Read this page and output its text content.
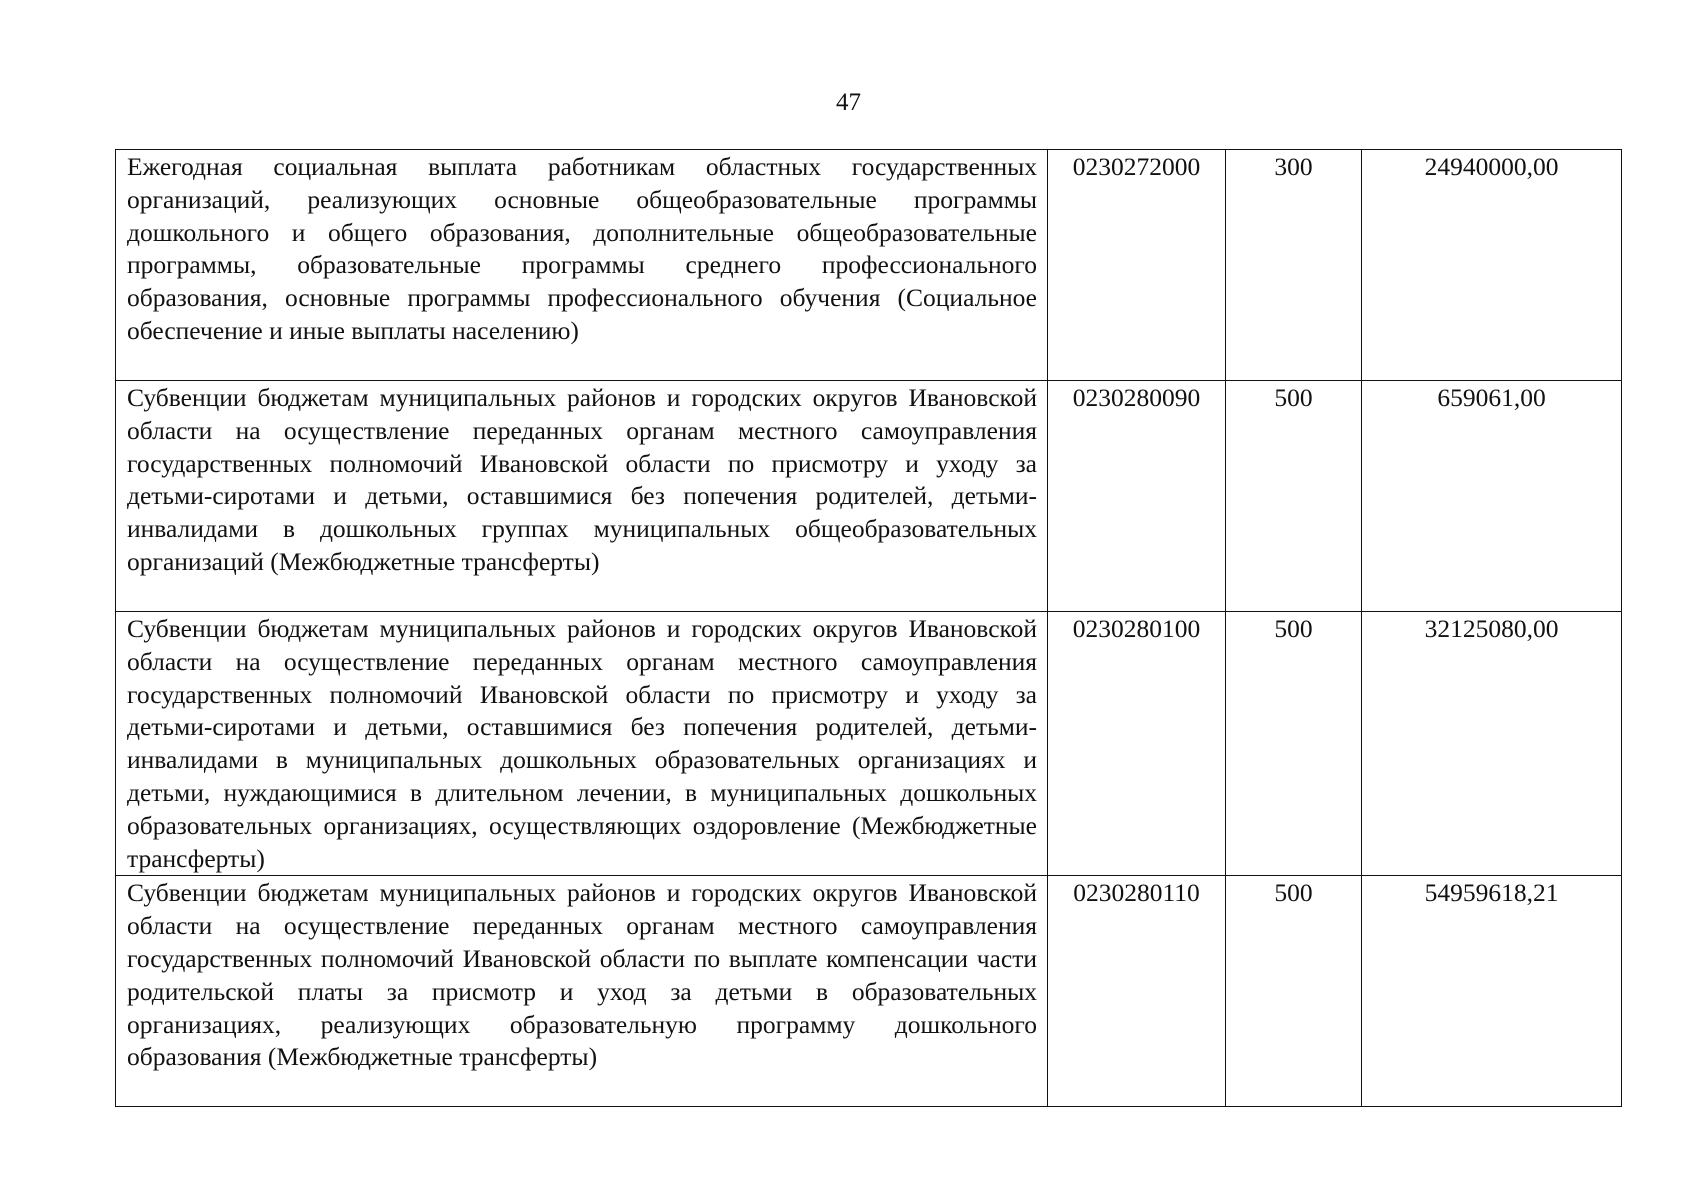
47
Ежегодная социальная выплата работникам областных государственных организаций, реализующих основные общеобразовательные программы дошкольного и общего образования, дополнительные общеобразовательные программы, образовательные программы среднего профессионального образования, основные программы профессионального обучения (Социальное обеспечение и иные выплаты населению)	0230272000	300	24940000,00

Субвенции бюджетам муниципальных районов и городских округов Ивановской области на осуществление переданных органам местного самоуправления государственных полномочий Ивановской области по присмотру и уходу за детьми-сиротами и детьми, оставшимися без попечения родителей, детьми-инвалидами в дошкольных группах муниципальных общеобразовательных организаций (Межбюджетные трансферты)	0230280090	500	659061,00

Субвенции бюджетам муниципальных районов и городских округов Ивановской области на осуществление переданных органам местного самоуправления государственных полномочий Ивановской области по присмотру и уходу за детьми-сиротами и детьми, оставшимися без попечения родителей, детьми-инвалидами в муниципальных дошкольных образовательных организациях и детьми, нуждающимися в длительном лечении, в муниципальных дошкольных образовательных организациях, осуществляющих оздоровление (Межбюджетные трансферты)	0230280100	500	32125080,00

Субвенции бюджетам муниципальных районов и городских округов Ивановской области на осуществление переданных органам местного самоуправления государственных полномочий Ивановской области по выплате компенсации части родительской платы за присмотр и уход за детьми в образовательных организациях, реализующих образовательную программу дошкольного образования (Межбюджетные трансферты)	0230280110	500	54959618,21
